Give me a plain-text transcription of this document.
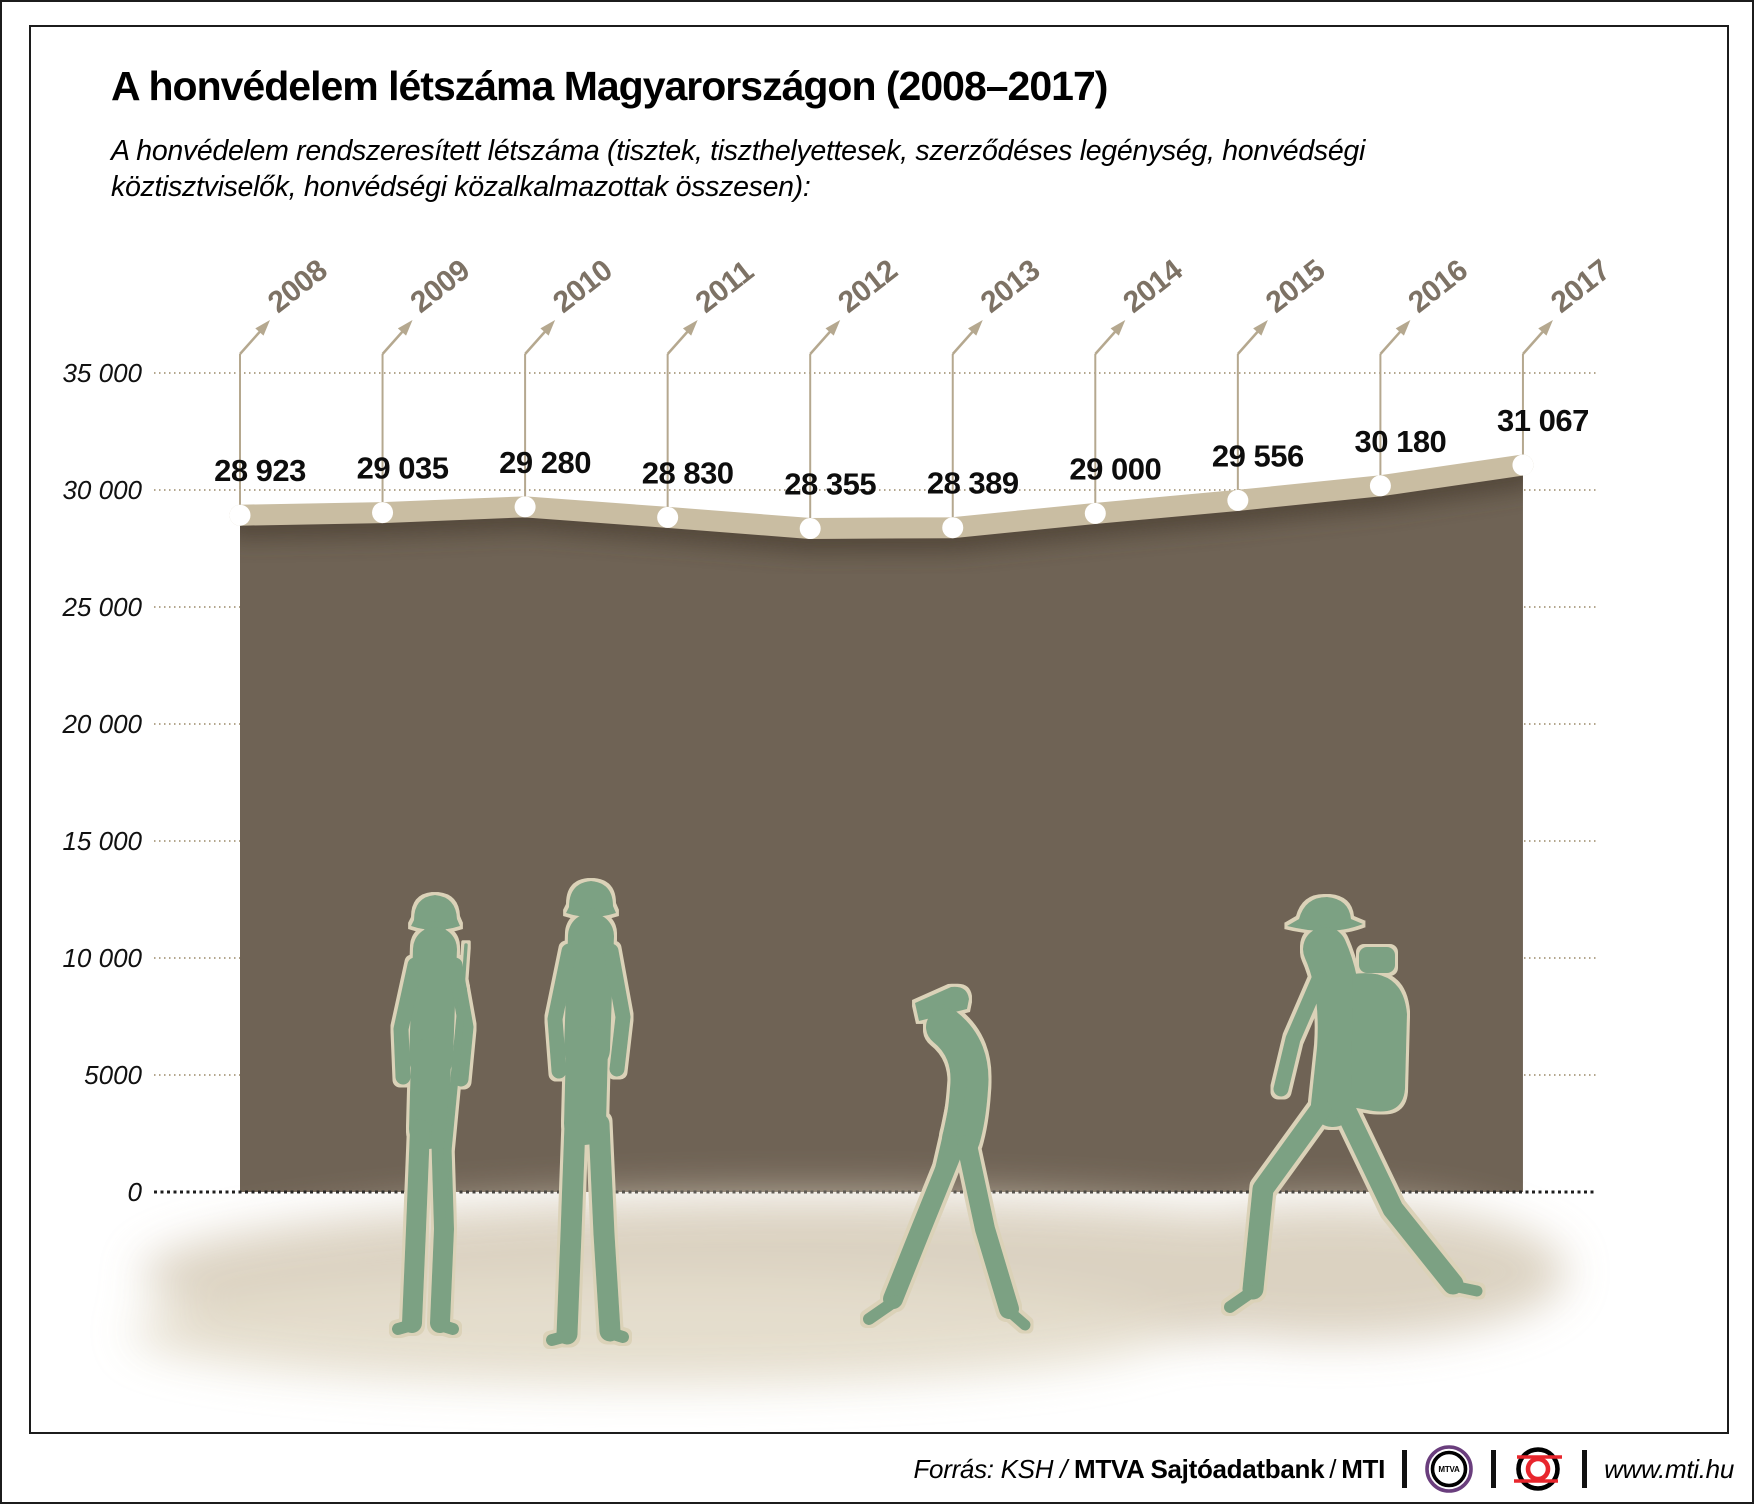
A honvédelem létszáma Magyarországon (2008–2017)

A honvédelem rendszeresített létszáma (tisztek, tiszthelyettesek, szerződéses legénység, honvédségi köztisztviselők, honvédségi közalkalmazottak összesen):

35 000
30 000
25 000
20 000
15 000
10 000
5000
0
2008 2009 2010 2011 2012 2013 2014 2015 2016 2017
28 923 29 035 29 280 28 830 28 355 28 389 29 000 29 556 30 180
31 067
Forrás: KSH / MTVA Sajtóadatbank / MTI	MTVA	www.mti.hu
